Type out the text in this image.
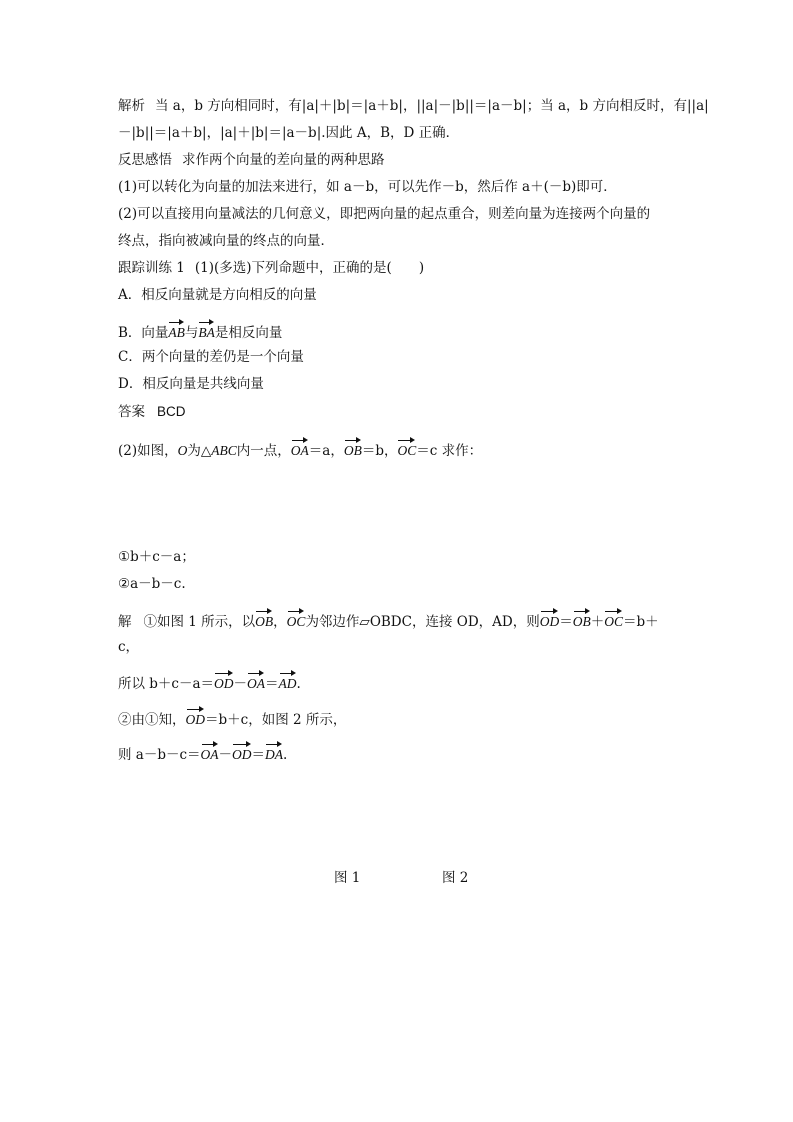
解析 当 a，b 方向相同时，有|a|＋|b|＝|a＋b|，||a|－|b||＝|a－b|；当 a，b 方向相反时，有||a|
－|b||＝|a＋b|，|a|＋|b|＝|a－b|.因此 A，B，D 正确．
反思感悟 求作两个向量的差向量的两种思路
(1)可以转化为向量的加法来进行，如 a－b，可以先作－b，然后作 a＋(－b)即可．
(2)可以直接用向量减法的几何意义，即把两向量的起点重合，则差向量为连接两个向量的
终点，指向被减向量的终点的向量．
跟踪训练 1 (1)(多选)下列命题中，正确的是(　　)
A．相反向量就是方向相反的向量
B．向量AB与BA是相反向量
C．两个向量的差仍是一个向量
D．相反向量是共线向量
答案 BCD
(2)如图，O为△ABC内一点，OA＝a，OB＝b，OC＝c 求作：
①b＋c－a；
②a－b－c.
解 ①如图 1 所示，以OB，OC为邻边作▱OBDC，连接 OD，AD，则OD＝OB＋OC＝b＋
c，
所以 b＋c－a＝OD－OA＝AD.
②由①知，OD＝b＋c，如图 2 所示，
则 a－b－c＝OA－OD＝DA.
图 1	图 2
